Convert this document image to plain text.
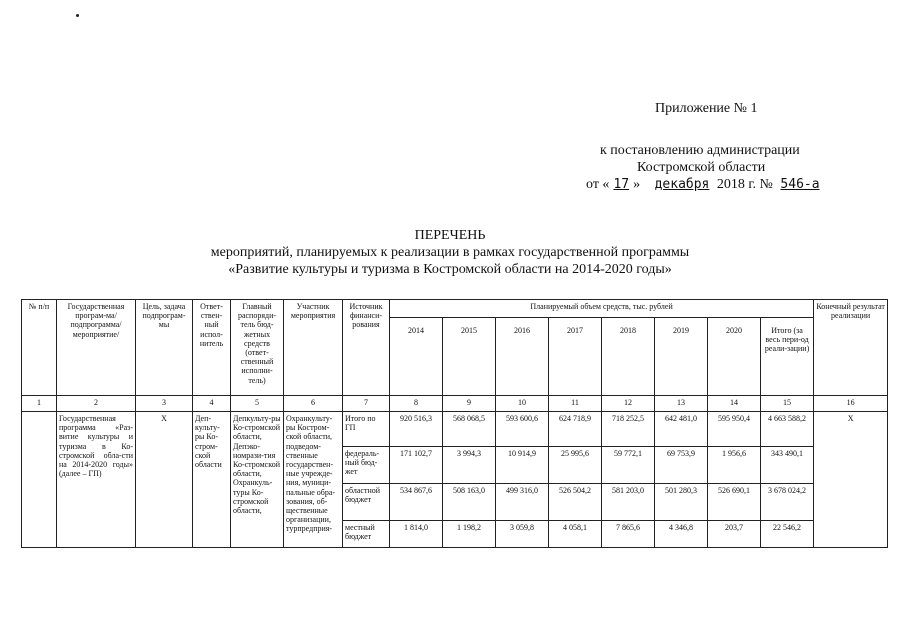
Приложение № 1
к постановлению администрации
Костромской области
от « 17 » декабря 2018 г. № 546-а
ПЕРЕЧЕНЬ
мероприятий, планируемых к реализации в рамках государственной программы
«Развитие культуры и туризма в Костромской области на 2014-2020 годы»
№ п/п	Государственная програм-ма/подпрограмма/ мероприятие/	Цель, задача подпрограм-мы	Ответ-ствен-ный испол-нитель	Главный распоряди-тель бюд-жетных средств (ответ-ственный исполни-тель)	Участник мероприятия	Источник финанси-рования	Планируемый объем средств, тыс. рублей								Конечный результат реализации
							2014	2015	2016	2017	2018	2019	2020	Итого (за весь пери-од реали-зации)	
1	2	3	4	5	6	7	8	9	10	11	12	13	14	15	16
	Государственная программа «Раз-витие культуры и туризма в Ко-стромской обла-сти на 2014-2020 годы» (далее – ГП)	Х	Деп-культу-ры Ко-стром-ской области	Депкульту-ры Ко-стромской области, Депэко-номрази-тия Ко-стромской области, Охранкуль-туры Ко-стромской области,	Охранкульту-ры Костром-ской области, подведом-ственные государствен-ные учрежде-ния, муници-пальные обра-зования, об-щественные организации, турпредприя-	Итого по ГП	920 516,3	568 068,5	593 600,6	624 718,9	718 252,5	642 481,0	595 950,4	4 663 588,2	Х
						федераль-ный бюд-жет	171 102,7	3 994,3	10 914,9	25 995,6	59 772,1	69 753,9	1 956,6	343 490,1	
						областной бюджет	534 867,6	508 163,0	499 316,0	526 504,2	581 203,0	501 280,3	526 690,1	3 678 024,2	
						местный бюджет	1 814,0	1 198,2	3 059,8	4 058,1	7 865,6	4 346,8	203,7	22 546,2	
